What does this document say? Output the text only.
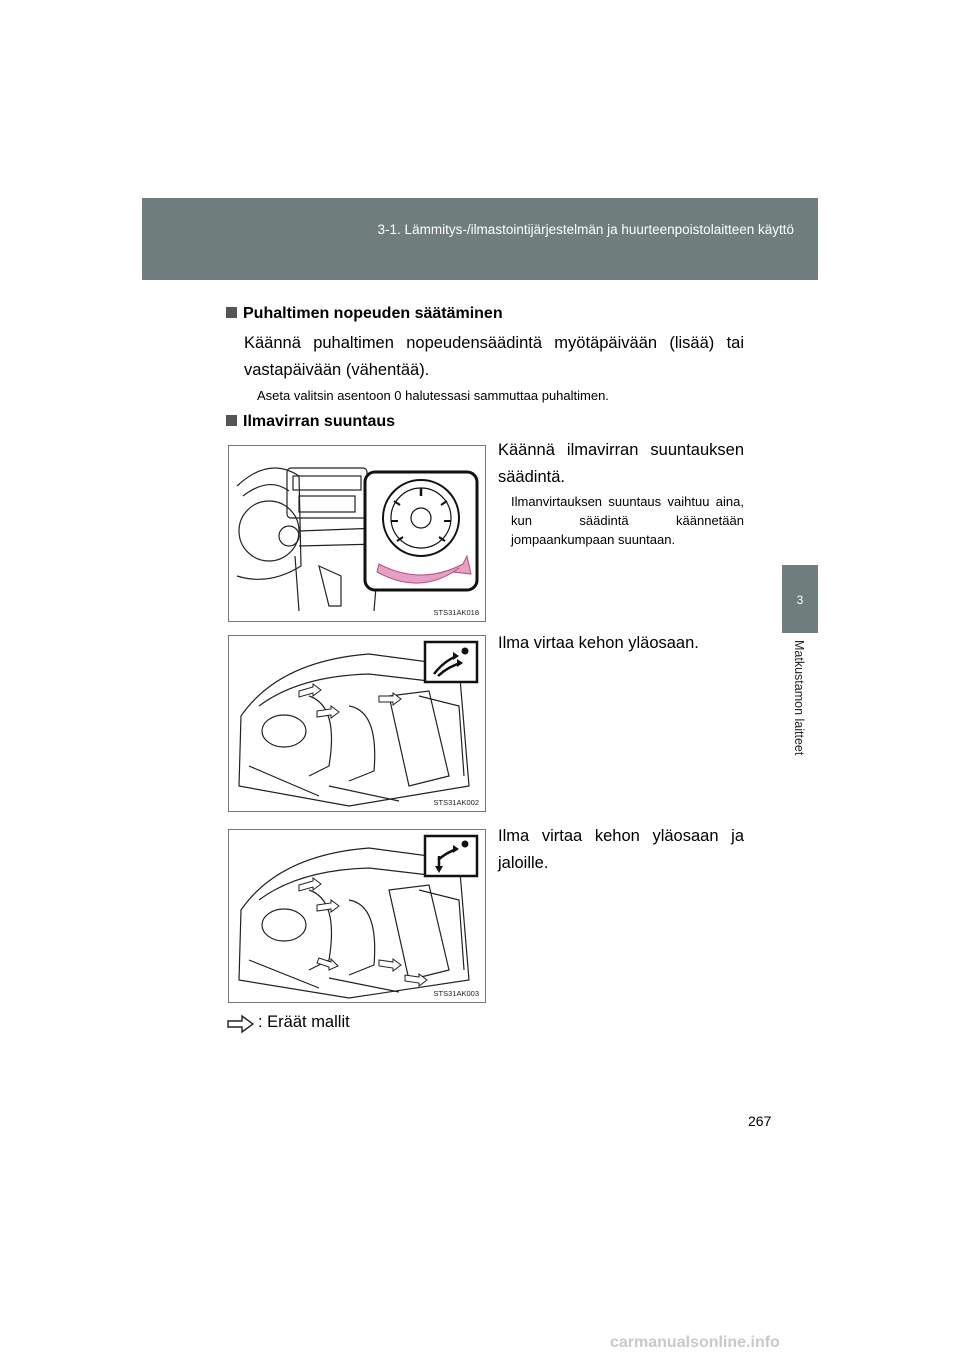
3-1. Lämmitys-/ilmastointijärjestelmän ja huurteenpoistolaitteen käyttö
3
Matkustamon laitteet
Puhaltimen nopeuden säätäminen
Käännä puhaltimen nopeudensäädintä myötäpäivään (lisää) tai vastapäivään (vähentää).
Aseta valitsin asentoon 0 halutessasi sammuttaa puhaltimen.
Ilmavirran suuntaus
STS31AK018
Käännä ilmavirran suuntauksen säädintä.
Ilmanvirtauksen suuntaus vaihtuu aina, kun säädintä käännetään jompaankumpaan suuntaan.
STS31AK002
Ilma virtaa kehon yläosaan.
STS31AK003
Ilma virtaa kehon yläosaan ja jaloille.
: Eräät mallit
267
carmanualsonline.info
